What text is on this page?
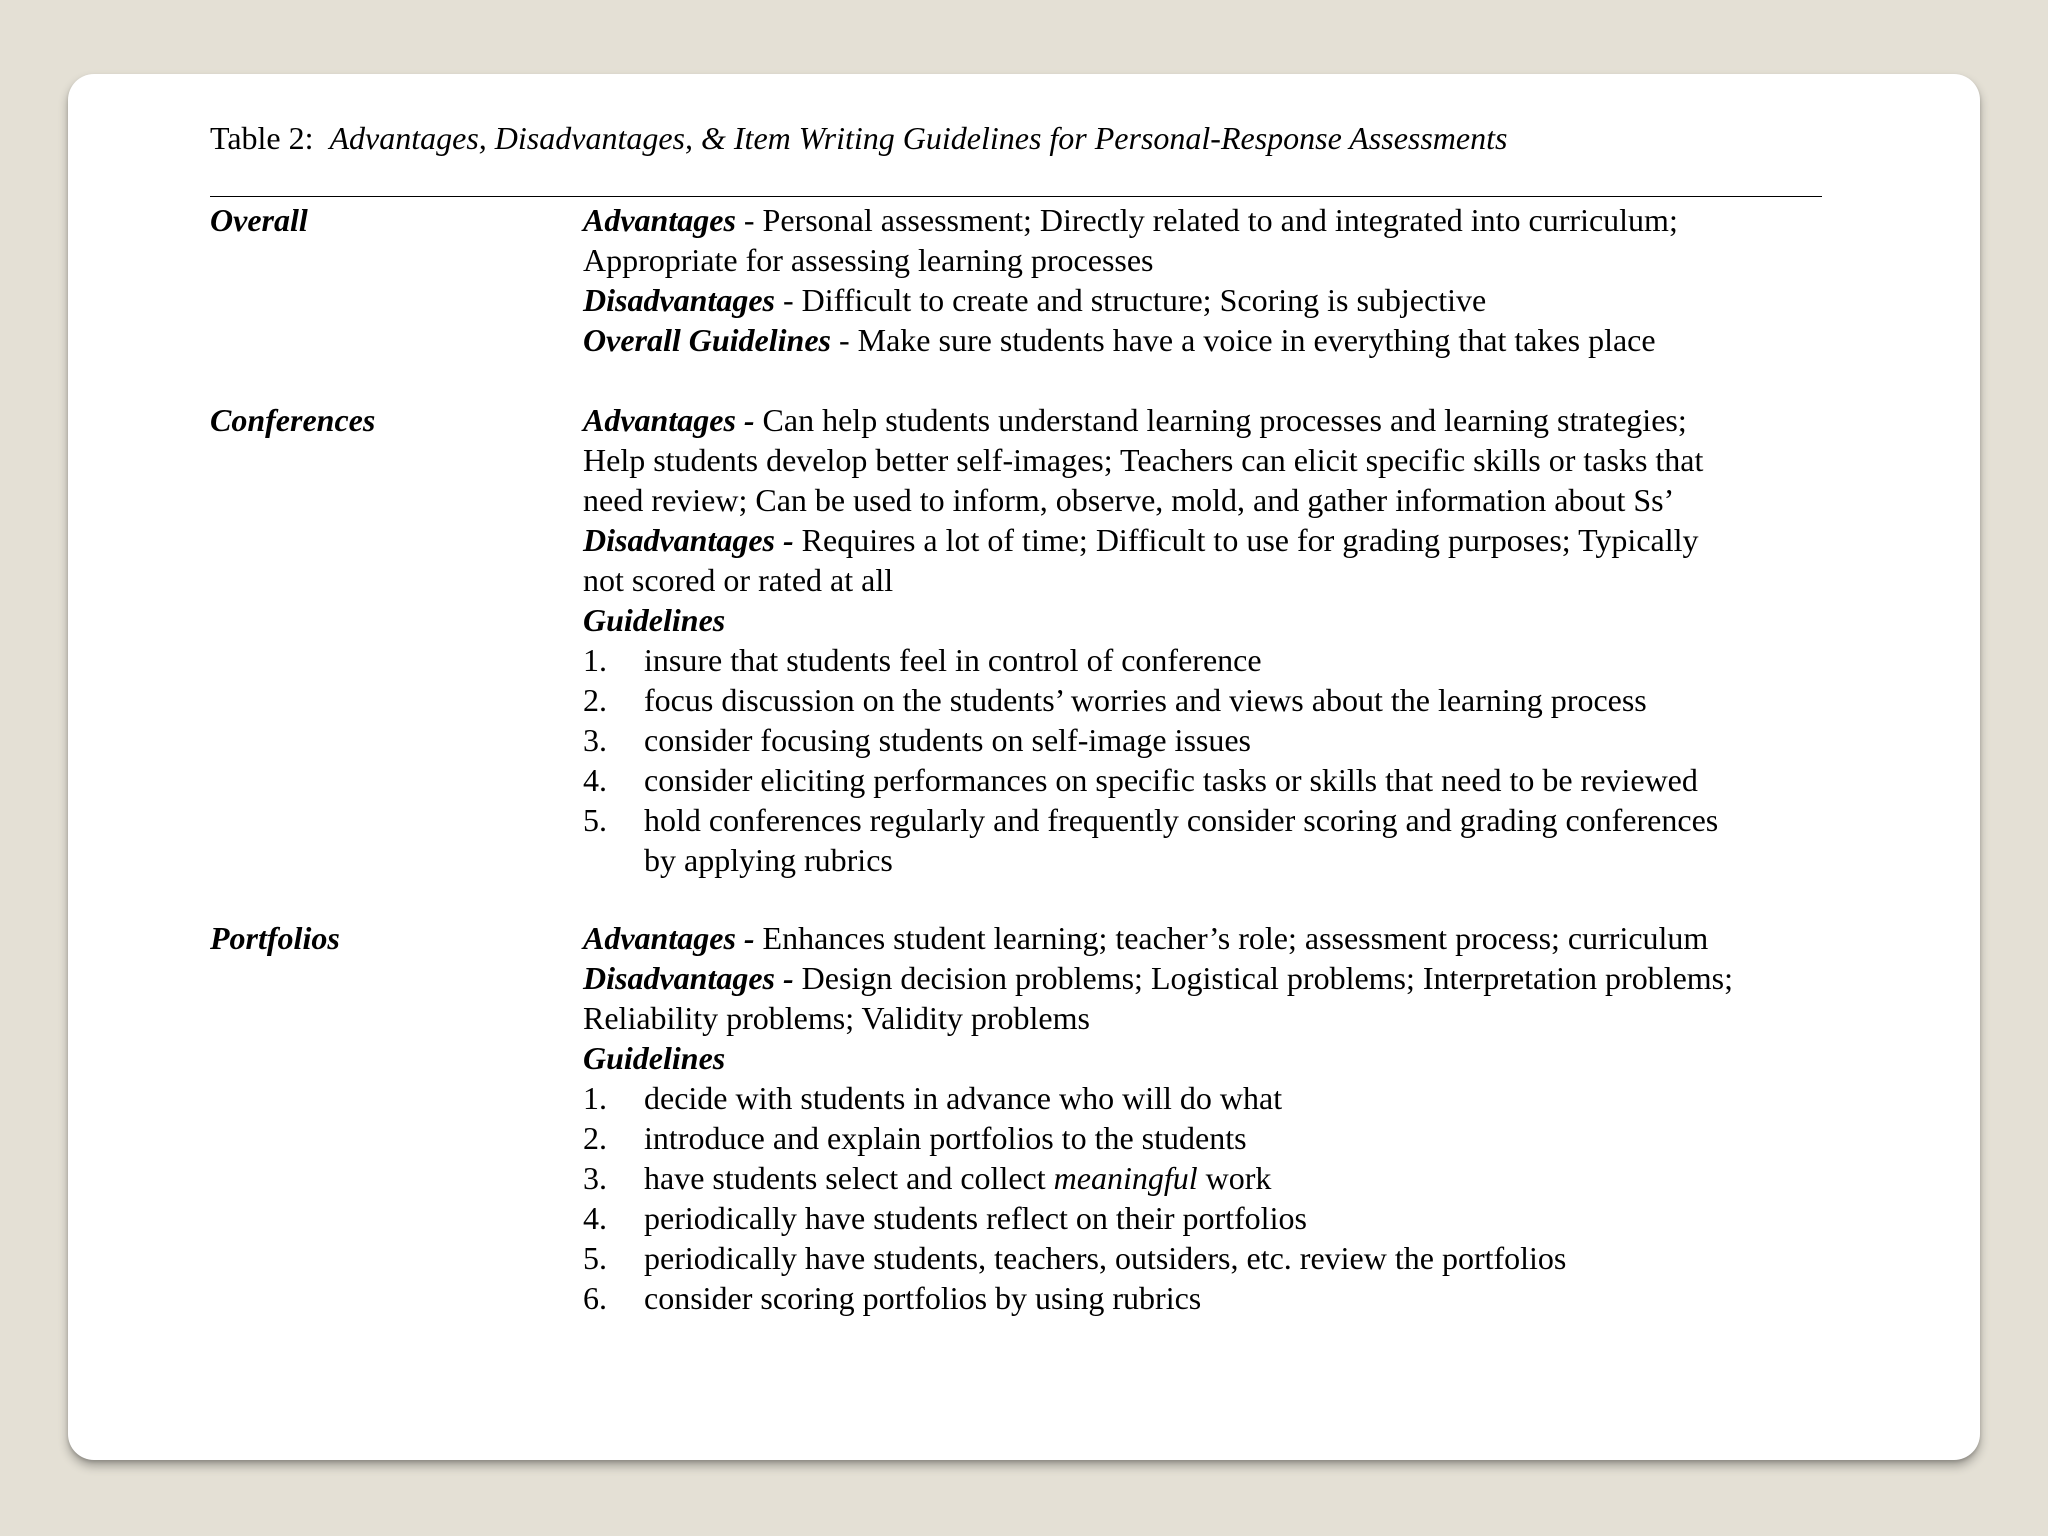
Table 2: Advantages, Disadvantages, & Item Writing Guidelines for Personal-Response Assessments
Overall	Advantages - Personal assessment; Directly related to and integrated into curriculum;
Appropriate for assessing learning processes
Disadvantages - Difficult to create and structure; Scoring is subjective
Overall Guidelines - Make sure students have a voice in everything that takes place
Conferences	Advantages - Can help students understand learning processes and learning strategies;
Help students develop better self-images; Teachers can elicit specific skills or tasks that
need review; Can be used to inform, observe, mold, and gather information about Ss’
Disadvantages - Requires a lot of time; Difficult to use for grading purposes; Typically
not scored or rated at all
Guidelines
1. insure that students feel in control of conference
2. focus discussion on the students’ worries and views about the learning process
3. consider focusing students on self-image issues
4. consider eliciting performances on specific tasks or skills that need to be reviewed
5. hold conferences regularly and frequently consider scoring and grading conferences
by applying rubrics
Portfolios	Advantages - Enhances student learning; teacher’s role; assessment process; curriculum
Disadvantages - Design decision problems; Logistical problems; Interpretation problems;
Reliability problems; Validity problems
Guidelines
1. decide with students in advance who will do what
2. introduce and explain portfolios to the students
3. have students select and collect meaningful work
4. periodically have students reflect on their portfolios
5. periodically have students, teachers, outsiders, etc. review the portfolios
6. consider scoring portfolios by using rubrics
